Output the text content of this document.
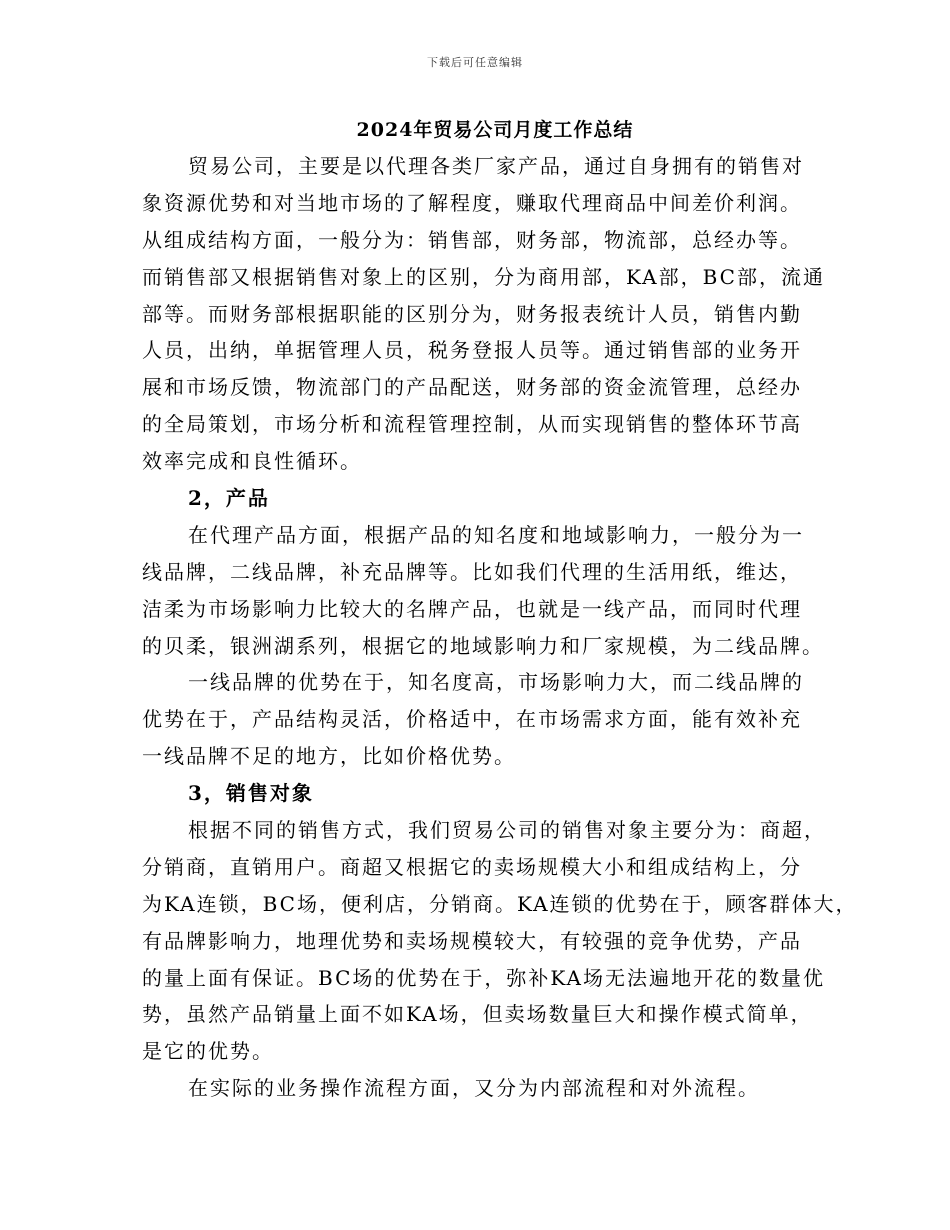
下载后可任意编辑
2024年贸易公司月度工作总结
贸易公司，主要是以代理各类厂家产品，通过自身拥有的销售对
象资源优势和对当地市场的了解程度，赚取代理商品中间差价利润。
从组成结构方面，一般分为：销售部，财务部，物流部，总经办等。
而销售部又根据销售对象上的区别，分为商用部，KA部，BC部，流通
部等。而财务部根据职能的区别分为，财务报表统计人员，销售内勤
人员，出纳，单据管理人员，税务登报人员等。通过销售部的业务开
展和市场反馈，物流部门的产品配送，财务部的资金流管理，总经办
的全局策划，市场分析和流程管理控制，从而实现销售的整体环节高
效率完成和良性循环。
2，产品
在代理产品方面，根据产品的知名度和地域影响力，一般分为一
线品牌，二线品牌，补充品牌等。比如我们代理的生活用纸，维达，
洁柔为市场影响力比较大的名牌产品，也就是一线产品，而同时代理
的贝柔，银洲湖系列，根据它的地域影响力和厂家规模，为二线品牌。
一线品牌的优势在于，知名度高，市场影响力大，而二线品牌的
优势在于，产品结构灵活，价格适中，在市场需求方面，能有效补充
一线品牌不足的地方，比如价格优势。
3，销售对象
根据不同的销售方式，我们贸易公司的销售对象主要分为：商超，
分销商，直销用户。商超又根据它的卖场规模大小和组成结构上，分
为KA连锁，BC场，便利店，分销商。KA连锁的优势在于，顾客群体大，
有品牌影响力，地理优势和卖场规模较大，有较强的竞争优势，产品
的量上面有保证。BC场的优势在于，弥补KA场无法遍地开花的数量优
势，虽然产品销量上面不如KA场，但卖场数量巨大和操作模式简单，
是它的优势。
在实际的业务操作流程方面，又分为内部流程和对外流程。
